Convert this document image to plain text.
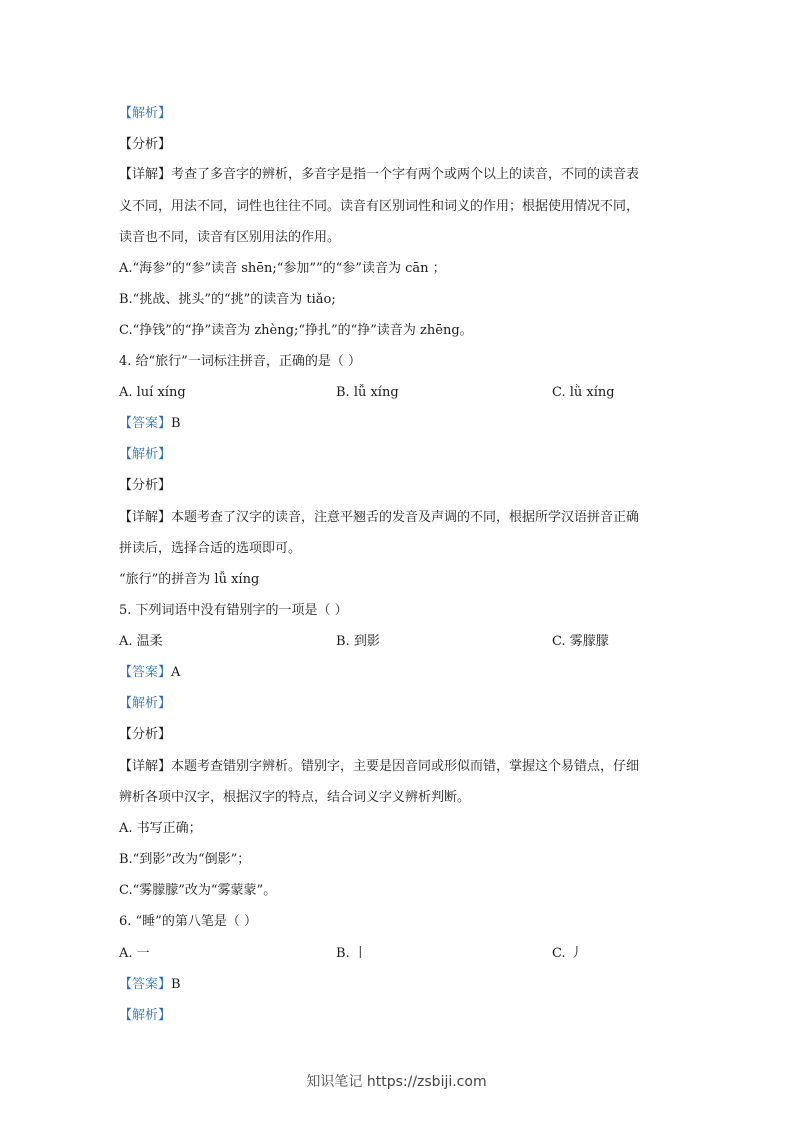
【解析】
【分析】
【详解】考查了多音字的辨析，多音字是指一个字有两个或两个以上的读音，不同的读音表
义不同，用法不同，词性也往往不同。读音有区别词性和词义的作用；根据使用情况不同，
读音也不同，读音有区别用法的作用。
A.“海参”的“参”读音 shēn;“参加””的“参”读音为 cān ；
B.“挑战、挑头”的“挑”的读音为 tiǎo;
C.“挣钱”的“挣”读音为 zhèng;“挣扎”的“挣”读音为 zhēng。
4. 给“旅行”一词标注拼音，正确的是（ ）
A. luí xíng	B. lǚ xíng	C. lǜ xíng
【答案】B
【解析】
【分析】
【详解】本题考查了汉字的读音，注意平翘舌的发音及声调的不同，根据所学汉语拼音正确
拼读后，选择合适的选项即可。
“旅行”的拼音为 lǚ xíng
5. 下列词语中没有错别字的一项是（ ）
A. 温柔	B. 到影	C. 雾朦朦
【答案】A
【解析】
【分析】
【详解】本题考查错别字辨析。错别字，主要是因音同或形似而错，掌握这个易错点，仔细
辨析各项中汉字，根据汉字的特点，结合词义字义辨析判断。
A. 书写正确；
B.“到影”改为“倒影”；
C.“雾朦朦”改为“雾蒙蒙”。
6. “睡”的第八笔是（ ）
A. 一	B. 丨	C. 丿
【答案】B
【解析】
知识笔记 https://zsbiji.com
